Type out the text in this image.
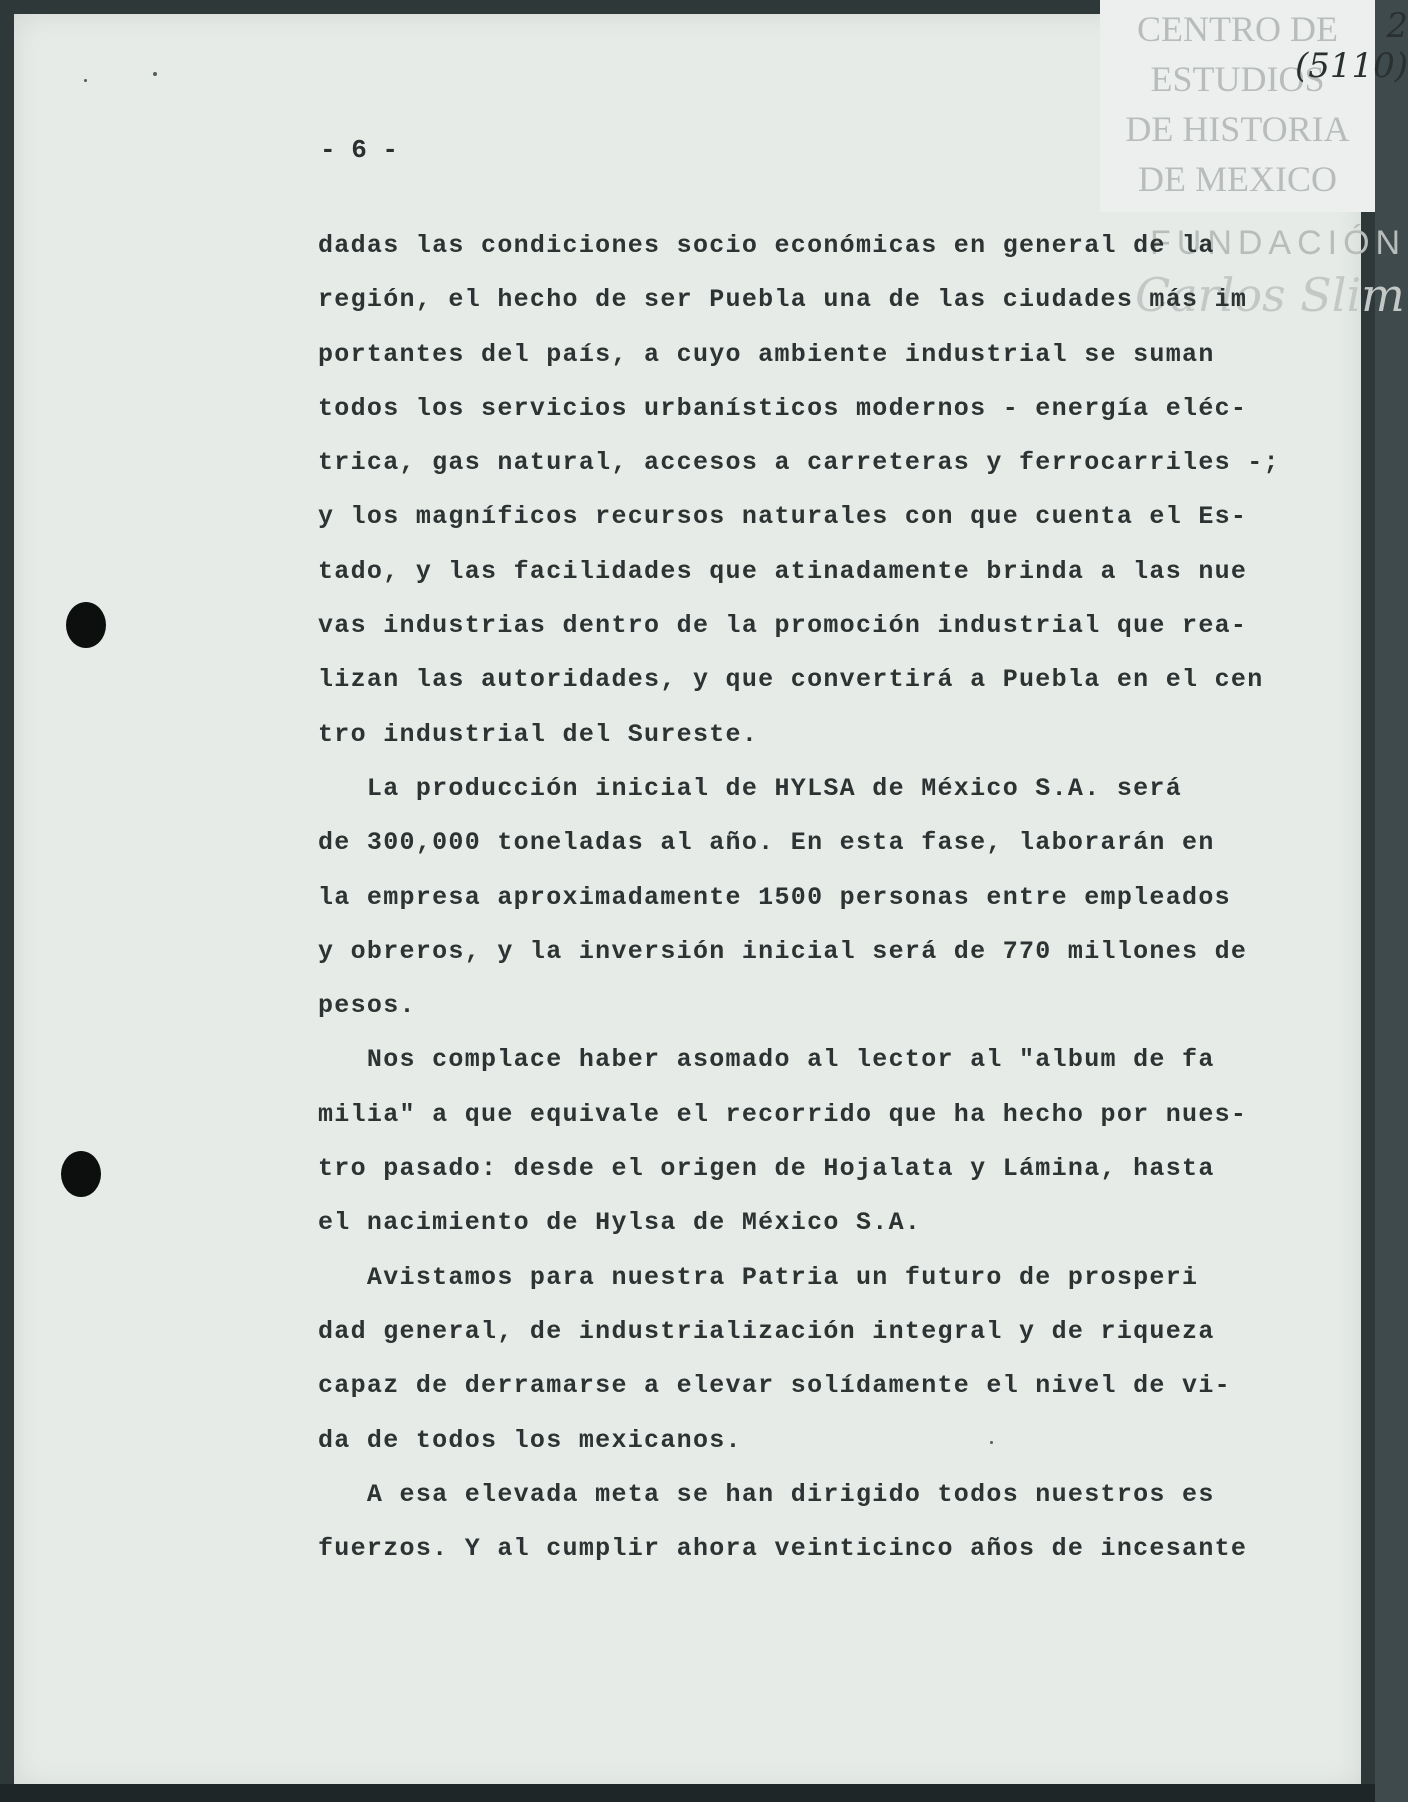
CENTRO DE
ESTUDIOS
DE HISTORIA
DE MEXICO
FUNDACIÓN
Carlos Slim
2
(5110)
- 6 -
dadas las condiciones socio económicas en general de la
región, el hecho de ser Puebla una de las ciudades más im
portantes del país, a cuyo ambiente industrial se suman
todos los servicios urbanísticos modernos - energía eléc-
trica, gas natural, accesos a carreteras y ferrocarriles -;
y los magníficos recursos naturales con que cuenta el Es-
tado, y las facilidades que atinadamente brinda a las nue
vas industrias dentro de la promoción industrial que rea-
lizan las autoridades, y que convertirá a Puebla en el cen
tro industrial del Sureste.
La producción inicial de HYLSA de México S.A. será
de 300,000 toneladas al año. En esta fase, laborarán en
la empresa aproximadamente 1500 personas entre empleados
y obreros, y la inversión inicial será de 770 millones de
pesos.
Nos complace haber asomado al lector al "album de fa
milia" a que equivale el recorrido que ha hecho por nues-
tro pasado: desde el origen de Hojalata y Lámina, hasta
el nacimiento de Hylsa de México S.A.
Avistamos para nuestra Patria un futuro de prosperi
dad general, de industrialización integral y de riqueza
capaz de derramarse a elevar solídamente el nivel de vi-
da de todos los mexicanos.
A esa elevada meta se han dirigido todos nuestros es
fuerzos. Y al cumplir ahora veinticinco años de incesante
